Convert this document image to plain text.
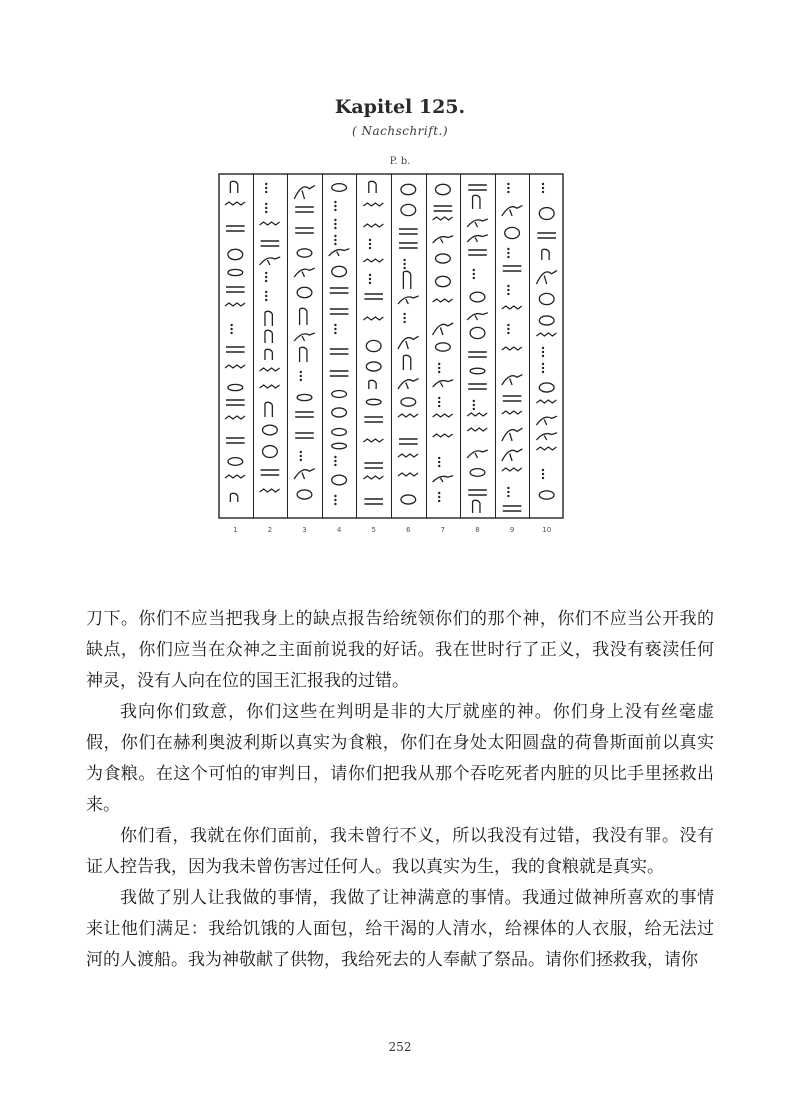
Kapitel 125.
( Nachschrift.)
P. b.
1	2	3	4	5	6	7	8	9	10

刀下。你们不应当把我身上的缺点报告给统领你们的那个神，你们不应当公开我的缺点，你们应当在众神之主面前说我的好话。我在世时行了正义，我没有亵渎任何神灵，没有人向在位的国王汇报我的过错。

我向你们致意，你们这些在判明是非的大厅就座的神。你们身上没有丝毫虚假，你们在赫利奥波利斯以真实为食粮，你们在身处太阳圆盘的荷鲁斯面前以真实为食粮。在这个可怕的审判日，请你们把我从那个吞吃死者内脏的贝比手里拯救出来。

你们看，我就在你们面前，我未曾行不义，所以我没有过错，我没有罪。没有证人控告我，因为我未曾伤害过任何人。我以真实为生，我的食粮就是真实。

我做了别人让我做的事情，我做了让神满意的事情。我通过做神所喜欢的事情来让他们满足：我给饥饿的人面包，给干渴的人清水，给裸体的人衣服，给无法过河的人渡船。我为神敬献了供物，我给死去的人奉献了祭品。请你们拯救我，请你

252
